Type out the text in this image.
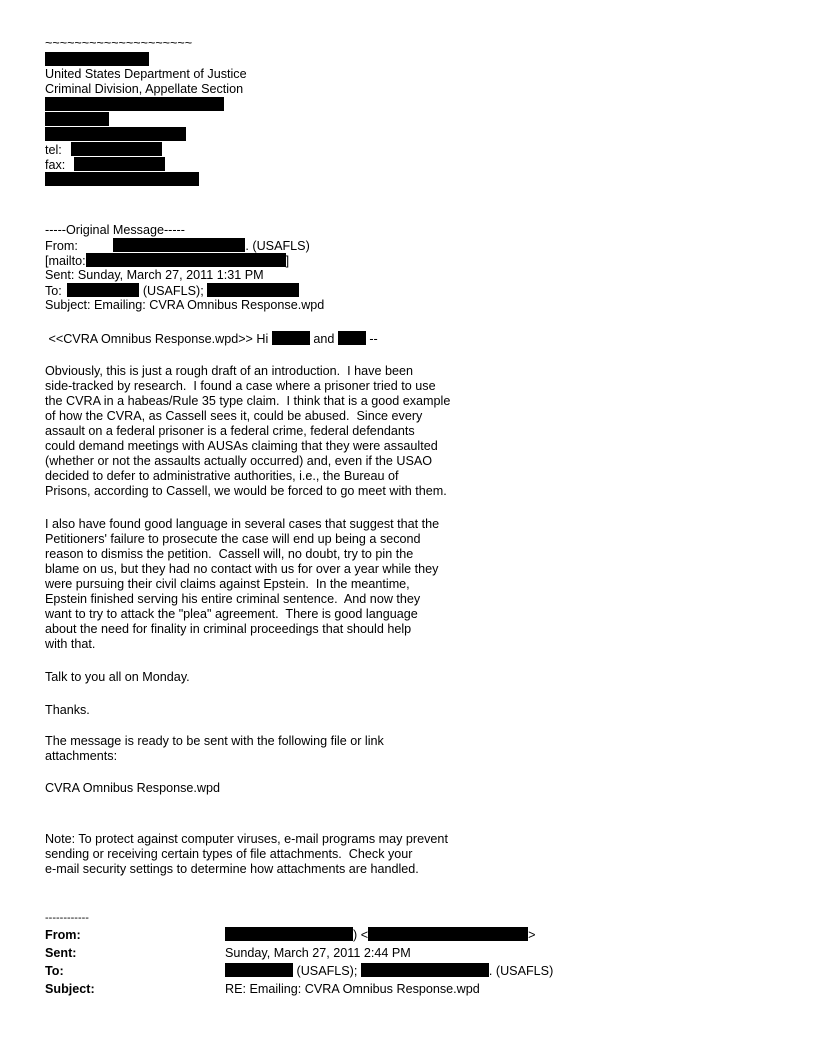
~~~~~~~~~~~~~~~~~~~~
United States Department of Justice
Criminal Division, Appellate Section
tel:
fax:
-----Original Message-----
From:	. (USAFLS)
[mailto:	]
Sent: Sunday, March 27, 2011 1:31 PM
To:	(USAFLS);
Subject: Emailing: CVRA Omnibus Response.wpd
<<CVRA Omnibus Response.wpd>> Hi	and	--
Obviously, this is just a rough draft of an introduction.  I have been
side-tracked by research.  I found a case where a prisoner tried to use
the CVRA in a habeas/Rule 35 type claim.  I think that is a good example
of how the CVRA, as Cassell sees it, could be abused.  Since every
assault on a federal prisoner is a federal crime, federal defendants
could demand meetings with AUSAs claiming that they were assaulted
(whether or not the assaults actually occurred) and, even if the USAO
decided to defer to administrative authorities, i.e., the Bureau of
Prisons, according to Cassell, we would be forced to go meet with them.
I also have found good language in several cases that suggest that the
Petitioners' failure to prosecute the case will end up being a second
reason to dismiss the petition.  Cassell will, no doubt, try to pin the
blame on us, but they had no contact with us for over a year while they
were pursuing their civil claims against Epstein.  In the meantime,
Epstein finished serving his entire criminal sentence.  And now they
want to try to attack the "plea" agreement.  There is good language
about the need for finality in criminal proceedings that should help
with that.
Talk to you all on Monday.
Thanks.
The message is ready to be sent with the following file or link
attachments:
CVRA Omnibus Response.wpd
Note: To protect against computer viruses, e-mail programs may prevent
sending or receiving certain types of file attachments.  Check your
e-mail security settings to determine how attachments are handled.
------------
From:	) <	>
Sent:	Sunday, March 27, 2011 2:44 PM
To:	(USAFLS);	. (USAFLS)
Subject:	RE: Emailing: CVRA Omnibus Response.wpd
